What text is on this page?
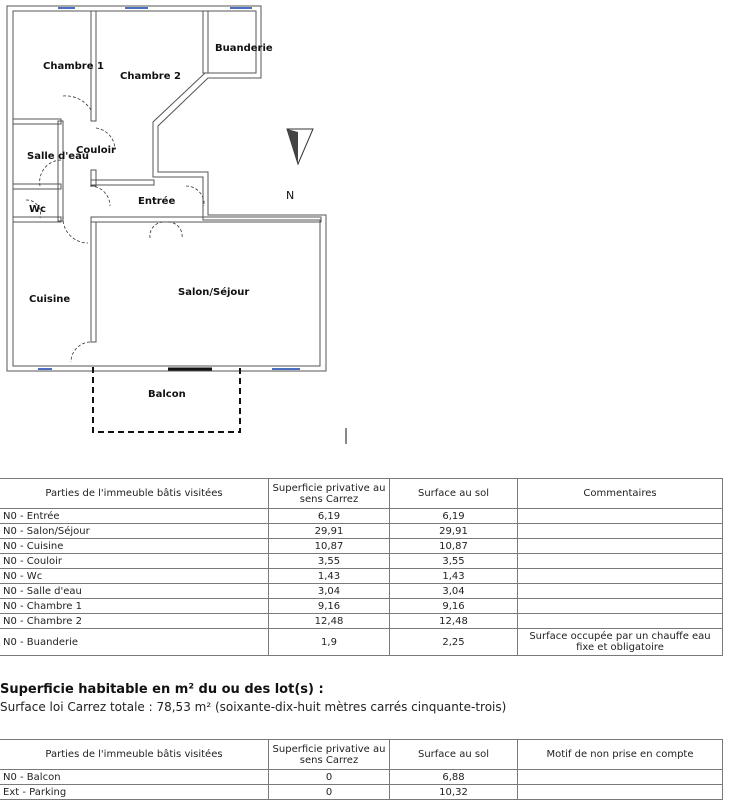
N
Chambre 1
Chambre 2
Buanderie
Salle d'eau
Couloir
Entrée
Wc
Cuisine
Salon/Séjour
Balcon
Parties de l'immeuble bâtis visitées	Superficie privative au sens Carrez	Surface au sol	Commentaires
N0 - Entrée	6,19	6,19	
N0 - Salon/Séjour	29,91	29,91	
N0 - Cuisine	10,87	10,87	
N0 - Couloir	3,55	3,55	
N0 - Wc	1,43	1,43	
N0 - Salle d'eau	3,04	3,04	
N0 - Chambre 1	9,16	9,16	
N0 - Chambre 2	12,48	12,48	
N0 - Buanderie	1,9	2,25	Surface occupée par un chauffe eau fixe et obligatoire
Superficie habitable en m² du ou des lot(s) :
Surface loi Carrez totale : 78,53 m² (soixante-dix-huit mètres carrés cinquante-trois)
Parties de l'immeuble bâtis visitées	Superficie privative au sens Carrez	Surface au sol	Motif de non prise en compte
N0 - Balcon	0	6,88	
Ext - Parking	0	10,32	
